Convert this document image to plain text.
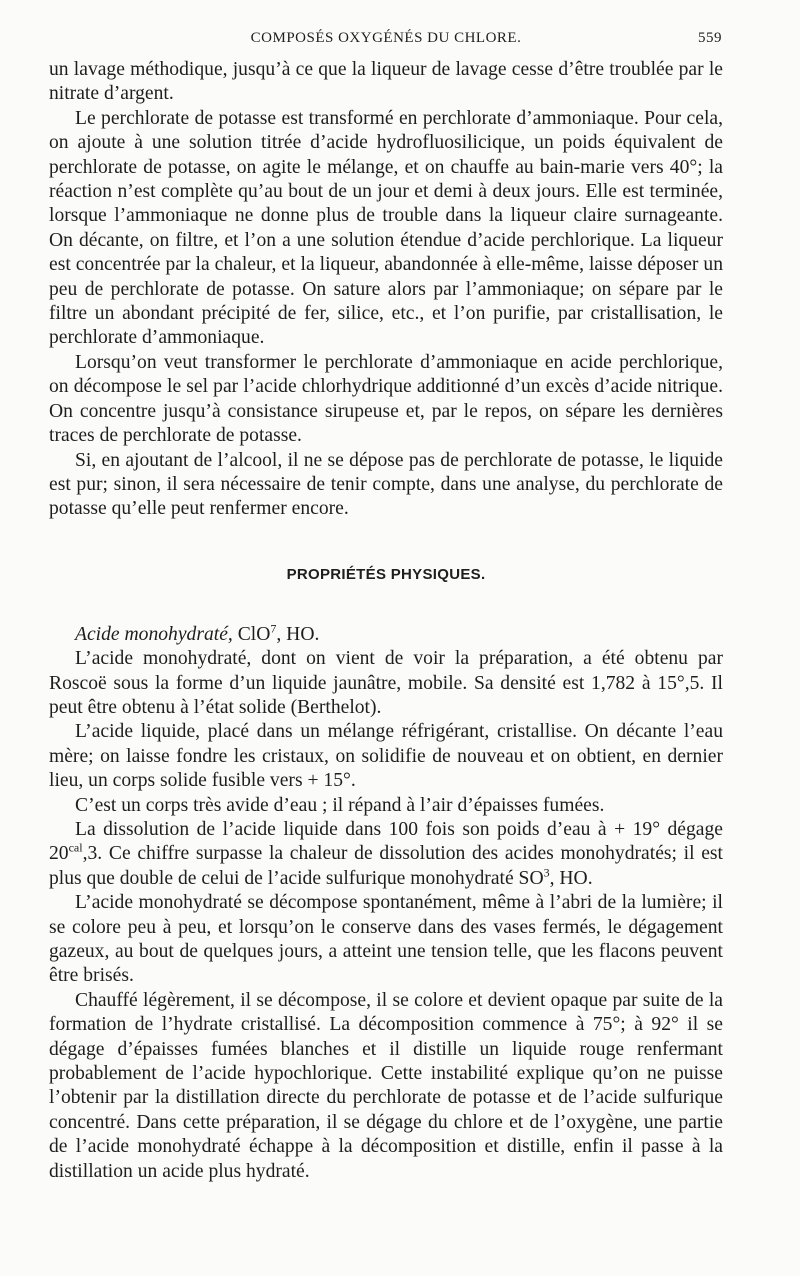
COMPOSÉS OXYGÉNÉS DU CHLORE.	559

un lavage méthodique, jusqu’à ce que la liqueur de lavage cesse d’être troublée par le nitrate d’argent.

Le perchlorate de potasse est transformé en perchlorate d’ammoniaque. Pour cela, on ajoute à une solution titrée d’acide hydrofluosilicique, un poids équivalent de perchlorate de potasse, on agite le mélange, et on chauffe au bain-marie vers 40°; la réaction n’est complète qu’au bout de un jour et demi à deux jours. Elle est terminée, lorsque l’ammoniaque ne donne plus de trouble dans la liqueur claire surnageante. On décante, on filtre, et l’on a une solution étendue d’acide perchlorique. La liqueur est concentrée par la chaleur, et la liqueur, abandonnée à elle-même, laisse déposer un peu de perchlorate de potasse. On sature alors par l’ammoniaque; on sépare par le filtre un abondant précipité de fer, silice, etc., et l’on purifie, par cristallisation, le perchlorate d’ammoniaque.

Lorsqu’on veut transformer le perchlorate d’ammoniaque en acide perchlorique, on décompose le sel par l’acide chlorhydrique additionné d’un excès d’acide nitrique. On concentre jusqu’à consistance sirupeuse et, par le repos, on sépare les dernières traces de perchlorate de potasse.

Si, en ajoutant de l’alcool, il ne se dépose pas de perchlorate de potasse, le liquide est pur; sinon, il sera nécessaire de tenir compte, dans une analyse, du perchlorate de potasse qu’elle peut renfermer encore.

PROPRIÉTÉS PHYSIQUES.

Acide monohydraté, ClO$^7$, HO.

L’acide monohydraté, dont on vient de voir la préparation, a été obtenu par Roscoë sous la forme d’un liquide jaunâtre, mobile. Sa densité est 1,782 à 15°,5. Il peut être obtenu à l’état solide (Berthelot).

L’acide liquide, placé dans un mélange réfrigérant, cristallise. On décante l’eau mère; on laisse fondre les cristaux, on solidifie de nouveau et on obtient, en dernier lieu, un corps solide fusible vers + 15°.

C’est un corps très avide d’eau ; il répand à l’air d’épaisses fumées.

La dissolution de l’acide liquide dans 100 fois son poids d’eau à + 19° dégage $20^{cal},3$. Ce chiffre surpasse la chaleur de dissolution des acides monohydratés; il est plus que double de celui de l’acide sulfurique monohydraté $SO^3$, HO.

L’acide monohydraté se décompose spontanément, même à l’abri de la lumière; il se colore peu à peu, et lorsqu’on le conserve dans des vases fermés, le dégagement gazeux, au bout de quelques jours, a atteint une tension telle, que les flacons peuvent être brisés.

Chauffé légèrement, il se décompose, il se colore et devient opaque par suite de la formation de l’hydrate cristallisé. La décomposition commence à 75°; à 92° il se dégage d’épaisses fumées blanches et il distille un liquide rouge renfermant probablement de l’acide hypochlorique. Cette instabilité explique qu’on ne puisse l’obtenir par la distillation directe du perchlorate de potasse et de l’acide sulfurique concentré. Dans cette préparation, il se dégage du chlore et de l’oxygène, une partie de l’acide monohydraté échappe à la décomposition et distille, enfin il passe à la distillation un acide plus hydraté.
